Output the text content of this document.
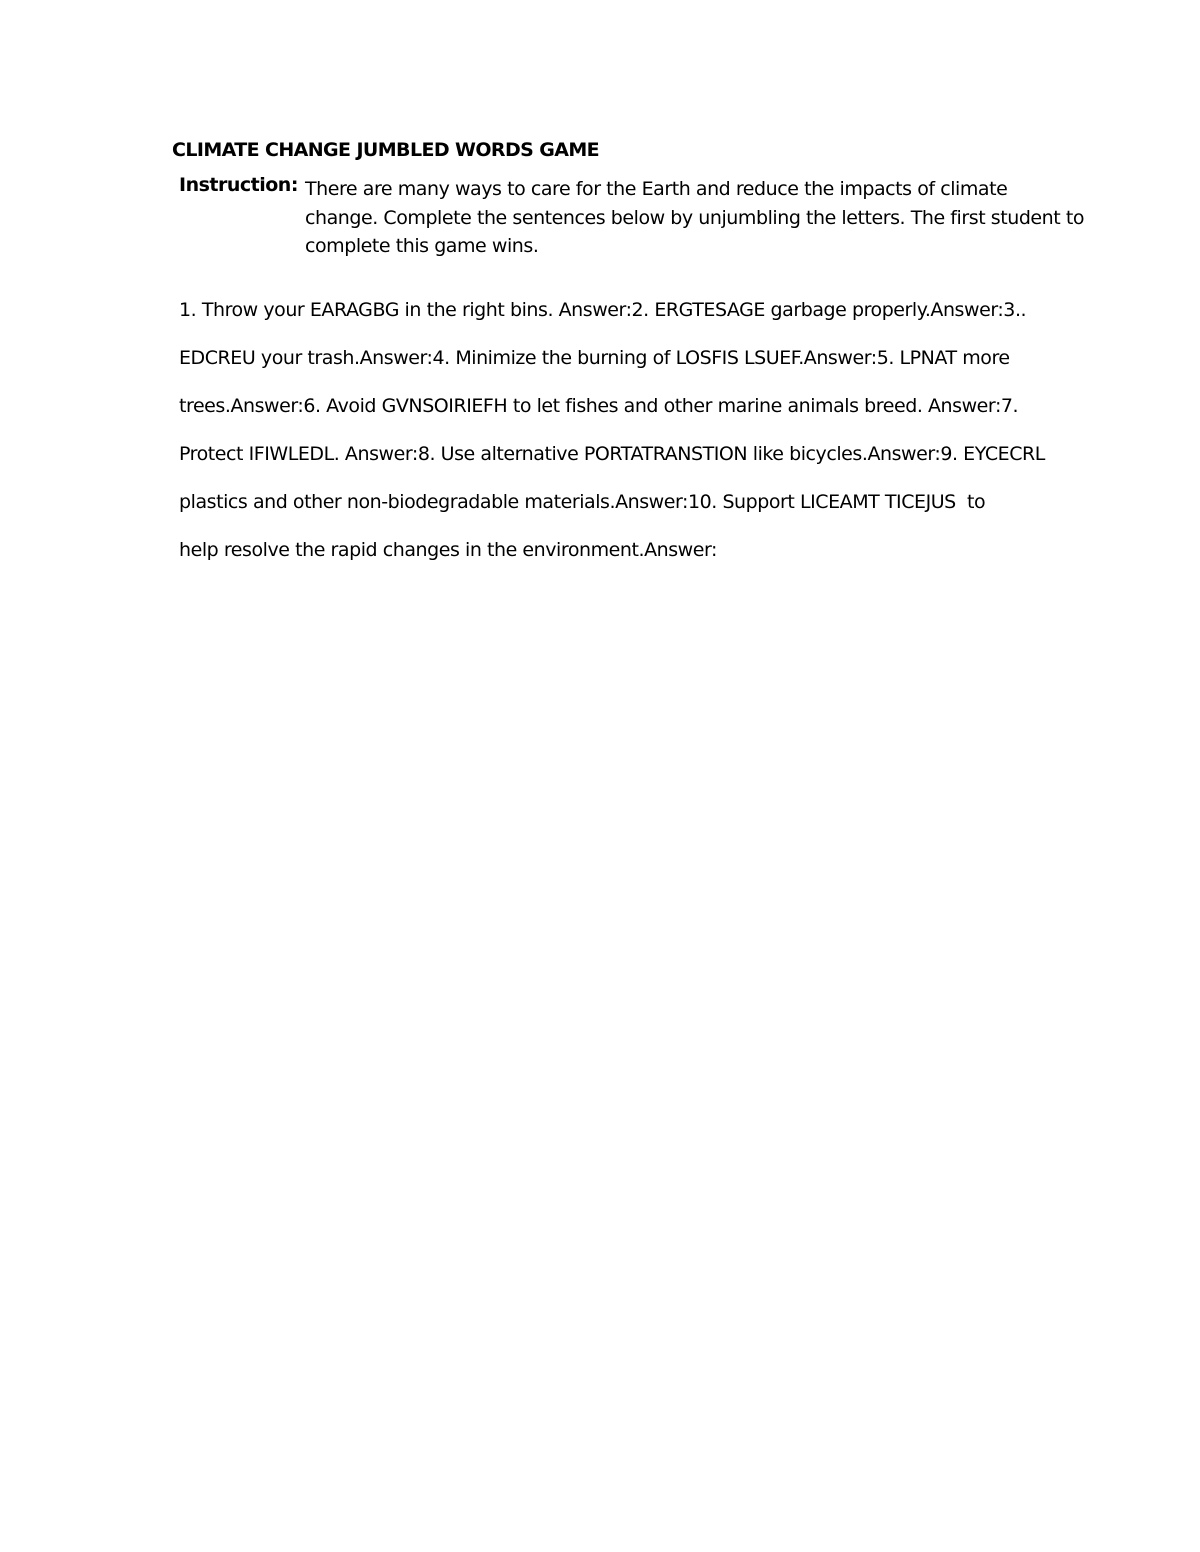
CLIMATE CHANGE JUMBLED WORDS GAME
Instruction: There are many ways to care for the Earth and reduce the impacts of climate
change. Complete the sentences below by unjumbling the letters. The first student to
complete this game wins.
1. Throw your EARAGBG in the right bins. Answer:2. ERGTESAGE garbage properly.Answer:3..
EDCREU your trash.Answer:4. Minimize the burning of LOSFIS LSUEF.Answer:5. LPNAT more
trees.Answer:6. Avoid GVNSOIRIEFH to let fishes and other marine animals breed. Answer:7.
Protect IFIWLEDL. Answer:8. Use alternative PORTATRANSTION like bicycles.Answer:9. EYCECRL
plastics and other non-biodegradable materials.Answer:10. Support LICEAMT TICEJUS  to
help resolve the rapid changes in the environment.Answer:
